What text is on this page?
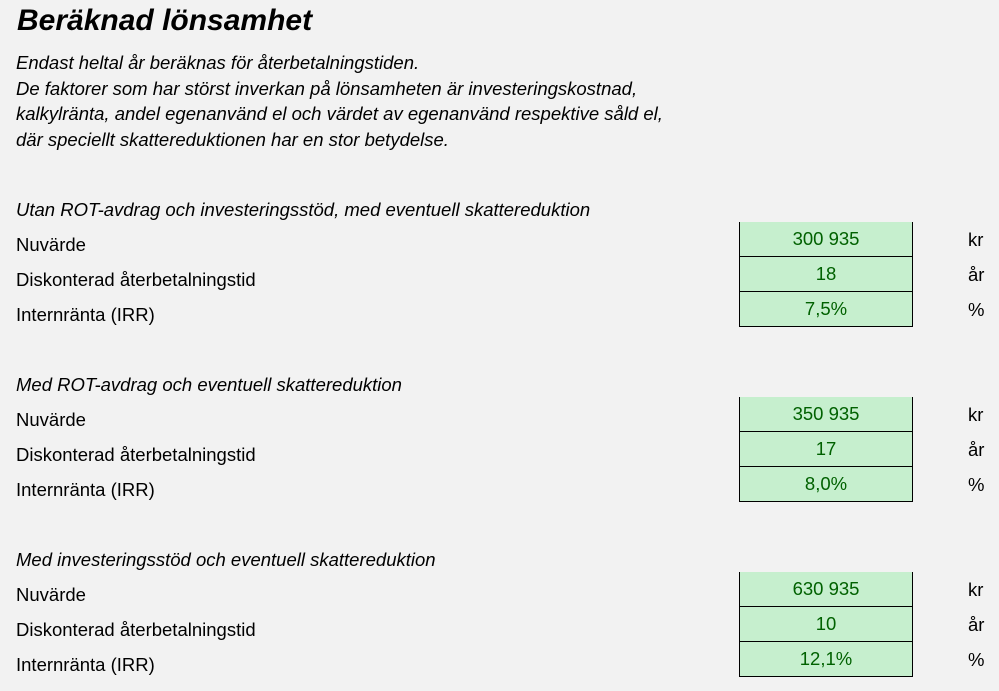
Beräknad lönsamhet
Endast heltal år beräknas för återbetalningstiden.
De faktorer som har störst inverkan på lönsamheten är investeringskostnad,
kalkylränta, andel egenanvänd el och värdet av egenanvänd respektive såld el,
där speciellt skattereduktionen har en stor betydelse.
Utan ROT-avdrag och investeringsstöd, med eventuell skattereduktion
Nuvärde	300 935	kr
Diskonterad återbetalningstid	18	år
Internränta (IRR)	7,5%	%
Med ROT-avdrag och eventuell skattereduktion
Nuvärde	350 935	kr
Diskonterad återbetalningstid	17	år
Internränta (IRR)	8,0%	%
Med investeringsstöd och eventuell skattereduktion
Nuvärde	630 935	kr
Diskonterad återbetalningstid	10	år
Internränta (IRR)	12,1%	%
